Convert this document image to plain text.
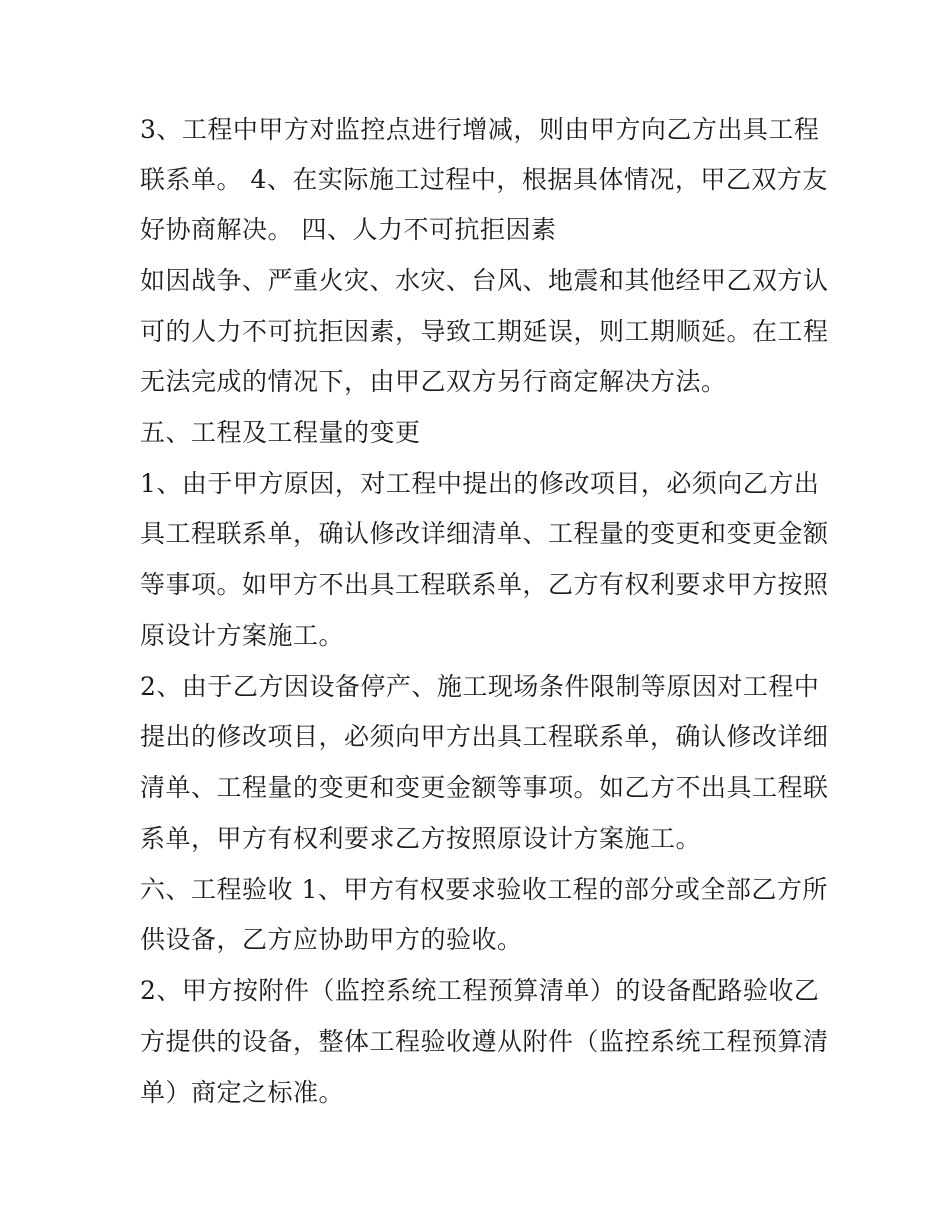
3、工程中甲方对监控点进行增减，则由甲方向乙方出具工程
联系单。 4、在实际施工过程中，根据具体情况，甲乙双方友
好协商解决。 四、人力不可抗拒因素
如因战争、严重火灾、水灾、台风、地震和其他经甲乙双方认
可的人力不可抗拒因素，导致工期延误，则工期顺延。在工程
无法完成的情况下，由甲乙双方另行商定解决方法。
五、工程及工程量的变更
1、由于甲方原因，对工程中提出的修改项目，必须向乙方出
具工程联系单，确认修改详细清单、工程量的变更和变更金额
等事项。如甲方不出具工程联系单，乙方有权利要求甲方按照
原设计方案施工。
2、由于乙方因设备停产、施工现场条件限制等原因对工程中
提出的修改项目，必须向甲方出具工程联系单，确认修改详细
清单、工程量的变更和变更金额等事项。如乙方不出具工程联
系单，甲方有权利要求乙方按照原设计方案施工。
六、工程验收 1、甲方有权要求验收工程的部分或全部乙方所
供设备，乙方应协助甲方的验收。
2、甲方按附件（监控系统工程预算清单）的设备配路验收乙
方提供的设备，整体工程验收遵从附件（监控系统工程预算清
单）商定之标准。
